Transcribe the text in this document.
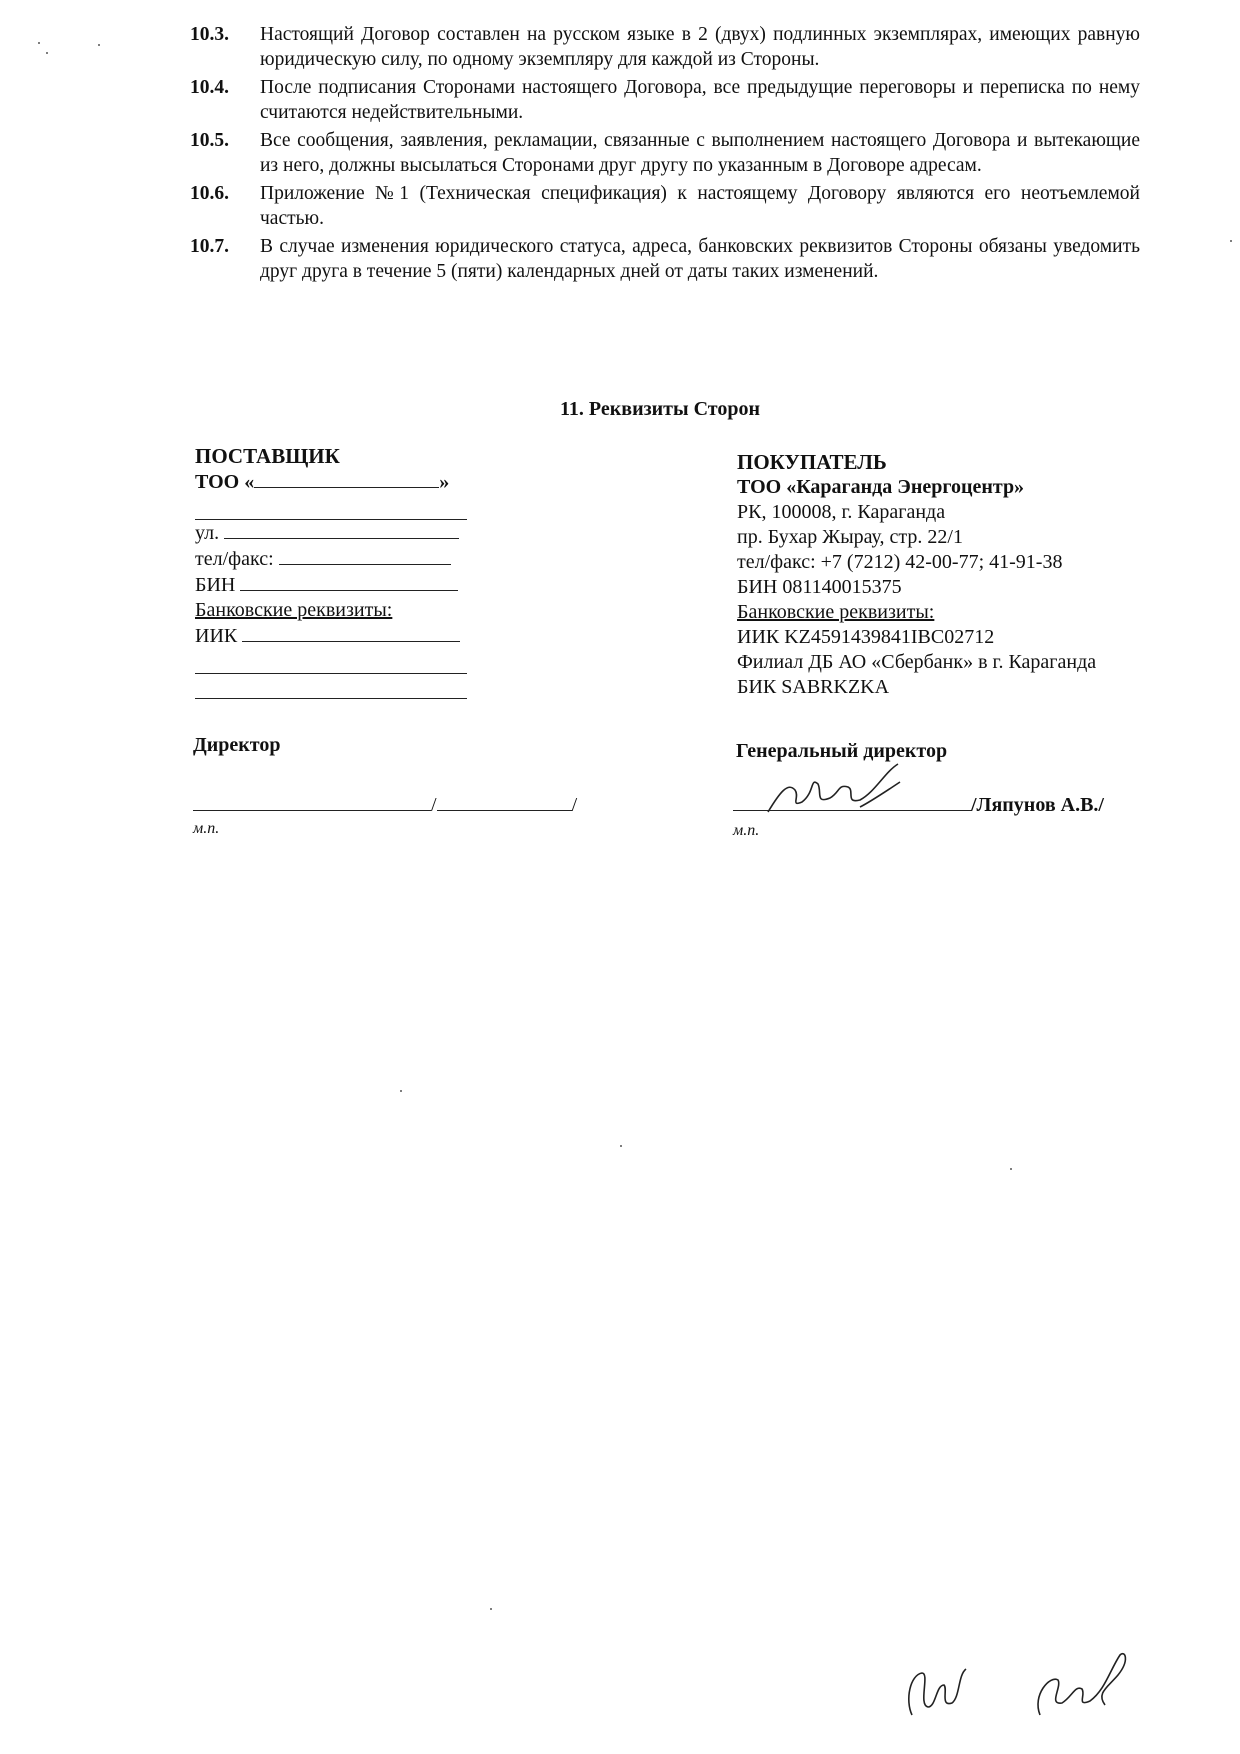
10.3.	Настоящий Договор составлен на русском языке в 2 (двух) подлинных экземплярах, имеющих равную юридическую силу, по одному экземпляру для каждой из Стороны.
10.4.	После подписания Сторонами настоящего Договора, все предыдущие переговоры и переписка по нему считаются недействительными.
10.5.	Все сообщения, заявления, рекламации, связанные с выполнением настоящего Договора и вытекающие из него, должны высылаться Сторонами друг другу по указанным в Договоре адресам.
10.6.	Приложение №1 (Техническая спецификация) к настоящему Договору являются его неотъемлемой частью.
10.7.	В случае изменения юридического статуса, адреса, банковских реквизитов Стороны обязаны уведомить друг друга в течение 5 (пяти) календарных дней от даты таких изменений.
11. Реквизиты Сторон
ПОСТАВЩИК
ТОО «	»
ул.
тел/факс:
БИН
Банковские реквизиты:
ИИК
ПОКУПАТЕЛЬ
ТОО «Караганда Энергоцентр»
РК, 100008, г. Караганда
пр. Бухар Жырау, стр. 22/1
тел/факс: +7 (7212) 42-00-77; 41-91-38
БИН 081140015375
Банковские реквизиты:
ИИК KZ4591439841IBC02712
Филиал ДБ АО «Сбербанк» в г. Караганда
БИК SABRKZKA
Директор	Генеральный директор
/	/
м.п.
/Ляпунов А.В./
м.п.
